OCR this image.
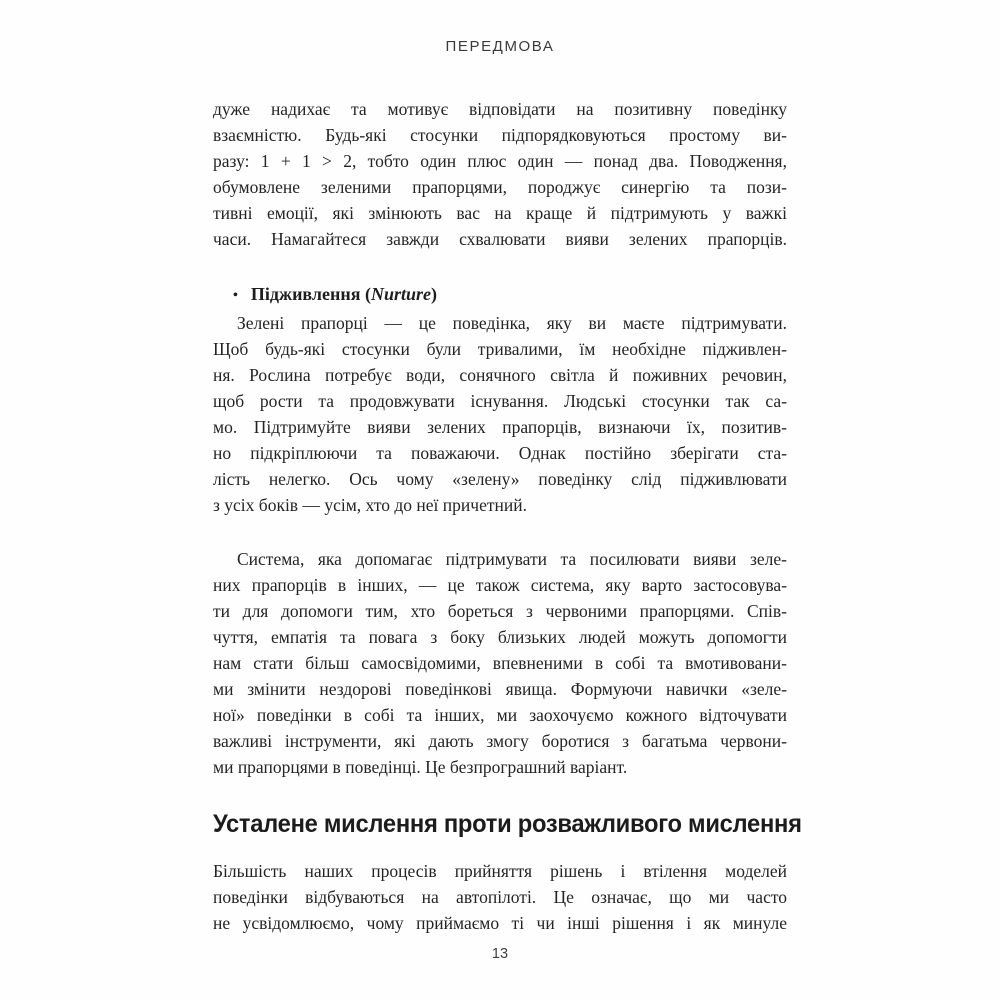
ПЕРЕДМОВА
дуже надихає та мотивує відповідати на позитивну поведінку
взаємністю. Будь-які стосунки підпорядковуються простому ви-
разу: 1 + 1 > 2, тобто один плюс один — понад два. Поводження,
обумовлене зеленими прапорцями, породжує синергію та пози-
тивні емоції, які змінюють вас на краще й підтримують у важкі
часи. Намагайтеся завжди схвалювати вияви зелених прапорців.
• Підживлення (Nurture)
Зелені прапорці — це поведінка, яку ви маєте підтримувати.
Щоб будь-які стосунки були тривалими, їм необхідне підживлен-
ня. Рослина потребує води, сонячного світла й поживних речовин,
щоб рости та продовжувати існування. Людські стосунки так са-
мо. Підтримуйте вияви зелених прапорців, визнаючи їх, позитив-
но підкріплюючи та поважаючи. Однак постійно зберігати ста-
лість нелегко. Ось чому «зелену» поведінку слід підживлювати
з усіх боків — усім, хто до неї причетний.
Система, яка допомагає підтримувати та посилювати вияви зеле-
них прапорців в інших, — це також система, яку варто застосовува-
ти для допомоги тим, хто бореться з червоними прапорцями. Спів-
чуття, емпатія та повага з боку близьких людей можуть допомогти
нам стати більш самосвідомими, впевненими в собі та вмотивовани-
ми змінити нездорові поведінкові явища. Формуючи навички «зеле-
ної» поведінки в собі та інших, ми заохочуємо кожного відточувати
важливі інструменти, які дають змогу боротися з багатьма червони-
ми прапорцями в поведінці. Це безпрограшний варіант.
Усталене мислення проти розважливого мислення
Більшість наших процесів прийняття рішень і втілення моделей
поведінки відбуваються на автопілоті. Це означає, що ми часто
не усвідомлюємо, чому приймаємо ті чи інші рішення і як минуле
13
